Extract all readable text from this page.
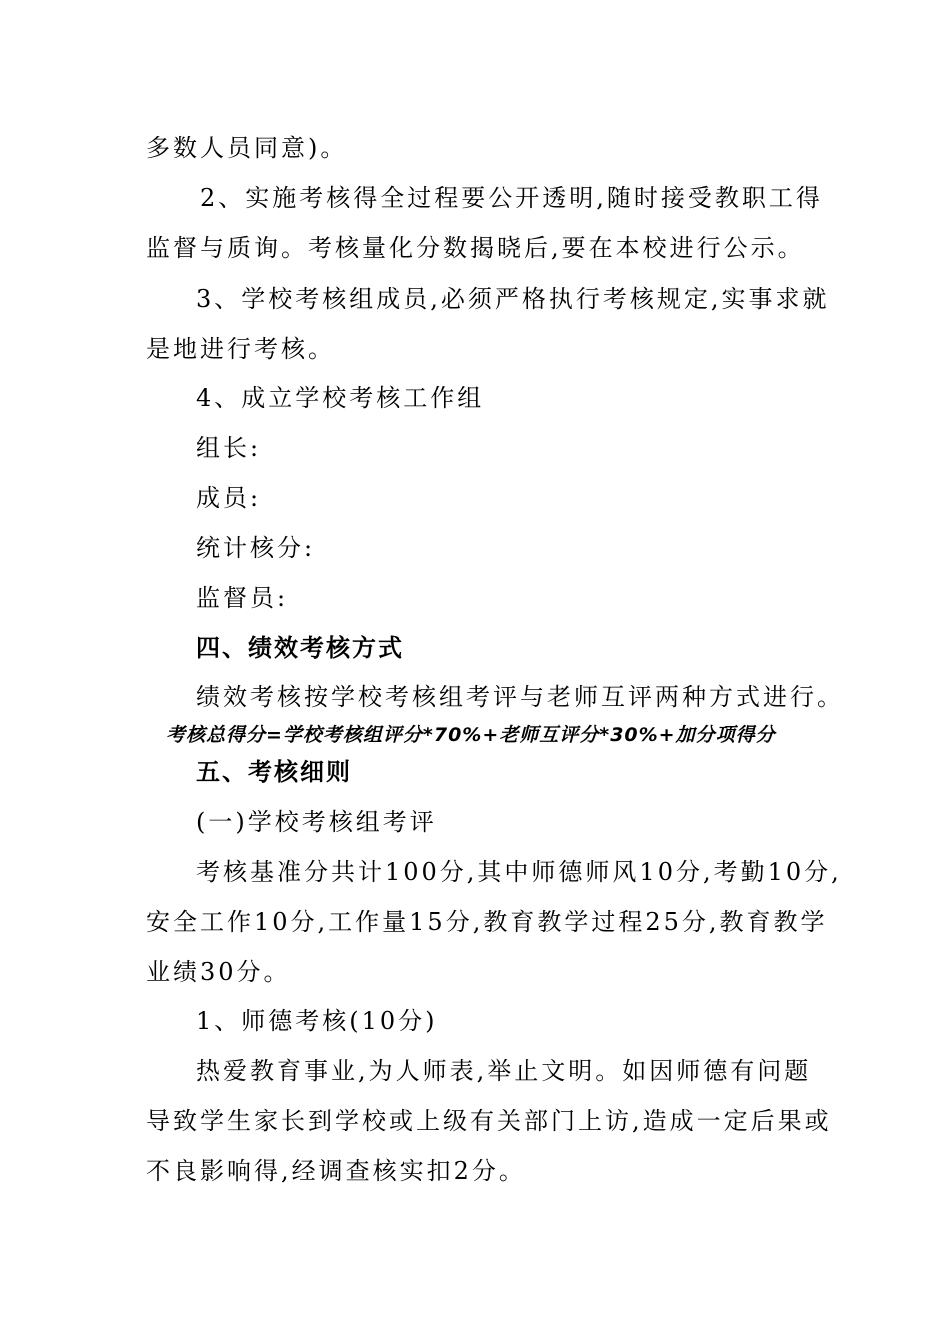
多数人员同意)。
2、实施考核得全过程要公开透明,随时接受教职工得
监督与质询。考核量化分数揭晓后,要在本校进行公示。
3、学校考核组成员,必须严格执行考核规定,实事求就
是地进行考核。
4、成立学校考核工作组
组长:
成员:
统计核分:
监督员:
四、绩效考核方式
绩效考核按学校考核组考评与老师互评两种方式进行。
考核总得分=学校考核组评分*70%+老师互评分*30%+加分项得分
五、考核细则
(一)学校考核组考评
考核基准分共计100分,其中师德师风10分,考勤10分,
安全工作10分,工作量15分,教育教学过程25分,教育教学
业绩30分。
1、师德考核(10分)
热爱教育事业,为人师表,举止文明。如因师德有问题
导致学生家长到学校或上级有关部门上访,造成一定后果或
不良影响得,经调查核实扣2分。
